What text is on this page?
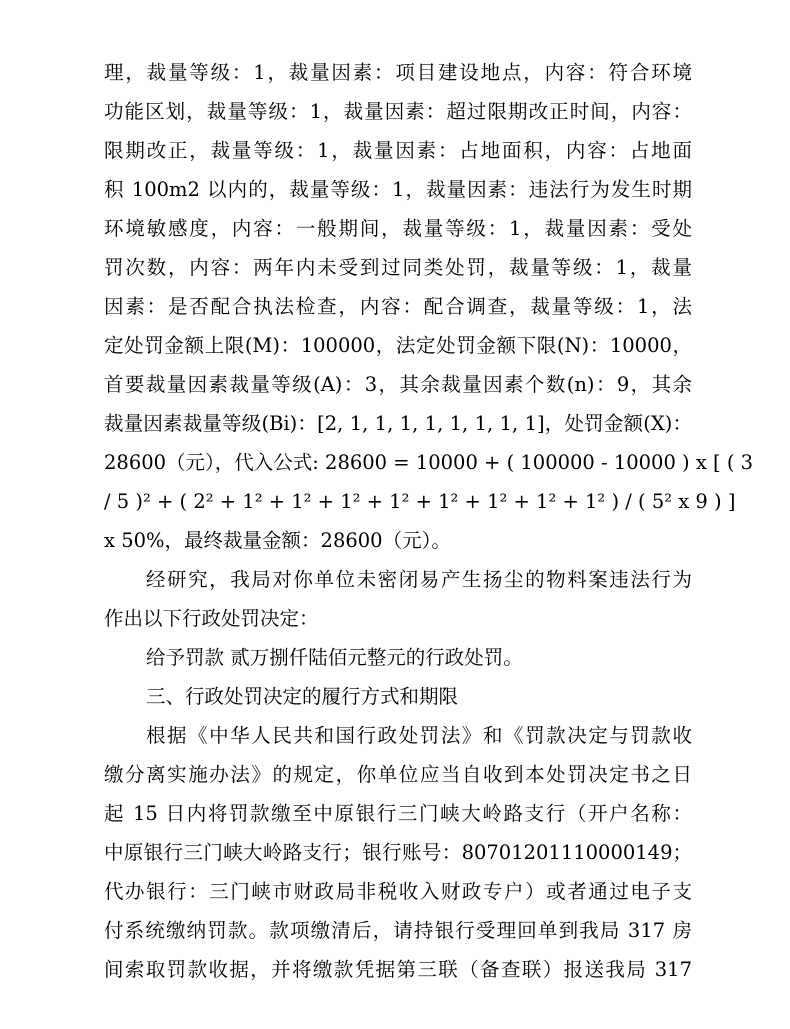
理，裁量等级：1，裁量因素：项目建设地点，内容：符合环境
功能区划，裁量等级：1，裁量因素：超过限期改正时间，内容：
限期改正，裁量等级：1，裁量因素：占地面积，内容：占地面
积 100m2 以内的，裁量等级：1，裁量因素：违法行为发生时期
环境敏感度，内容：一般期间，裁量等级：1，裁量因素：受处
罚次数，内容：两年内未受到过同类处罚，裁量等级：1，裁量
因素：是否配合执法检查，内容：配合调查，裁量等级：1，法
定处罚金额上限(M)：100000，法定处罚金额下限(N)：10000，
首要裁量因素裁量等级(A)：3，其余裁量因素个数(n)：9，其余
裁量因素裁量等级(Bi)：[2, 1, 1, 1, 1, 1, 1, 1, 1]，处罚金额(X)：
28600（元），代入公式: 28600 = 10000 + ( 100000 - 10000 ) x [ ( 3
/ 5 )² + ( 2² + 1² + 1² + 1² + 1² + 1² + 1² + 1² + 1² ) / ( 5² x 9 ) ]
x 50%，最终裁量金额：28600（元）。
经研究，我局对你单位未密闭易产生扬尘的物料案违法行为
作出以下行政处罚决定：
给予罚款 贰万捌仟陆佰元整元的行政处罚。
三、行政处罚决定的履行方式和期限
根据《中华人民共和国行政处罚法》和《罚款决定与罚款收
缴分离实施办法》的规定，你单位应当自收到本处罚决定书之日
起 15 日内将罚款缴至中原银行三门峡大岭路支行（开户名称：
中原银行三门峡大岭路支行；银行账号：80701201110000149；
代办银行：三门峡市财政局非税收入财政专户）或者通过电子支
付系统缴纳罚款。款项缴清后，请持银行受理回单到我局 317 房
间索取罚款收据，并将缴款凭据第三联（备查联）报送我局 317
